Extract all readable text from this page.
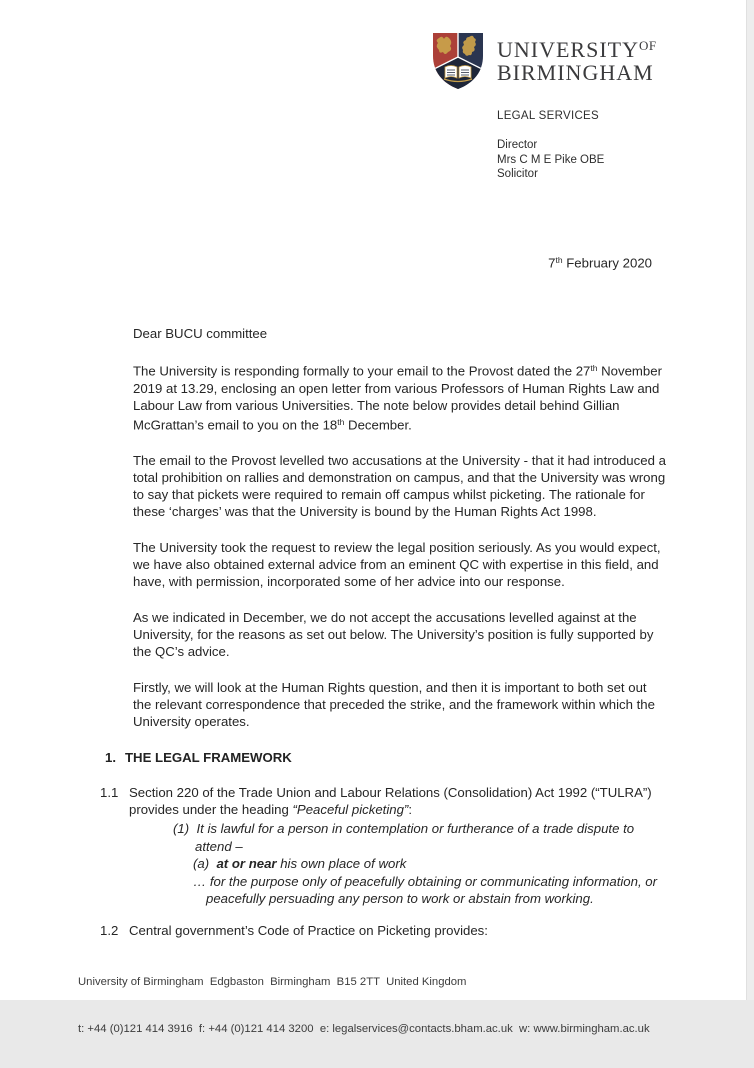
$UNIVERSITY^{OF}$
BIRMINGHAM
LEGAL SERVICES
Director
Mrs C M E Pike OBE
Solicitor
7th February 2020
Dear BUCU committee

The University is responding formally to your email to the Provost dated the 27th November 2019 at 13.29, enclosing an open letter from various Professors of Human Rights Law and Labour Law from various Universities. The note below provides detail behind Gillian McGrattan’s email to you on the 18th December.

The email to the Provost levelled two accusations at the University - that it had introduced a total prohibition on rallies and demonstration on campus, and that the University was wrong to say that pickets were required to remain off campus whilst picketing. The rationale for these ‘charges’ was that the University is bound by the Human Rights Act 1998.

The University took the request to review the legal position seriously. As you would expect, we have also obtained external advice from an eminent QC with expertise in this field, and have, with permission, incorporated some of her advice into our response.

As we indicated in December, we do not accept the accusations levelled against at the University, for the reasons as set out below. The University’s position is fully supported by the QC’s advice.

Firstly, we will look at the Human Rights question, and then it is important to both set out the relevant correspondence that preceded the strike, and the framework within which the University operates.

1. THE LEGAL FRAMEWORK
1.1 Section 220 of the Trade Union and Labour Relations (Consolidation) Act 1992 (“TULRA”) provides under the heading “Peaceful picketing”:
(1) It is lawful for a person in contemplation or furtherance of a trade dispute to attend –
(a) at or near his own place of work
… for the purpose only of peacefully obtaining or communicating information, or peacefully persuading any person to work or abstain from working.
1.2 Central government’s Code of Practice on Picketing provides:

University of Birmingham  Edgbaston  Birmingham  B15 2TT  United Kingdom

t: +44 (0)121 414 3916  f: +44 (0)121 414 3200  e: legalservices@contacts.bham.ac.uk  w: www.birmingham.ac.uk
